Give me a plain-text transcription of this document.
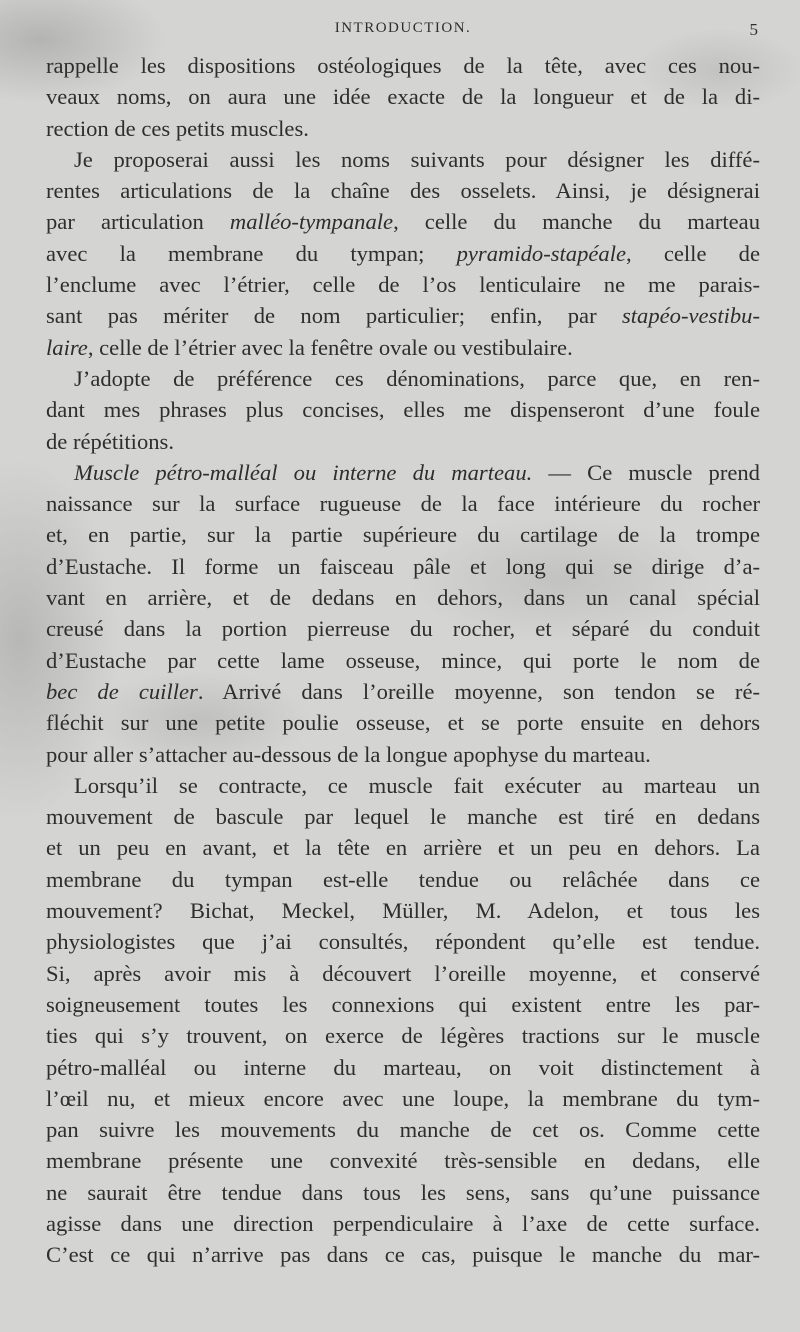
INTRODUCTION.	5
rappelle les dispositions ostéologiques de la tête, avec ces nou-
veaux noms, on aura une idée exacte de la longueur et de la di-
rection de ces petits muscles.
Je proposerai aussi les noms suivants pour désigner les diffé-
rentes articulations de la chaîne des osselets. Ainsi, je désignerai
par articulation malléo-tympanale, celle du manche du marteau
avec la membrane du tympan; pyramido-stapéale, celle de
l’enclume avec l’étrier, celle de l’os lenticulaire ne me parais-
sant pas mériter de nom particulier; enfin, par stapéo-vestibu-
laire, celle de l’étrier avec la fenêtre ovale ou vestibulaire.
J’adopte de préférence ces dénominations, parce que, en ren-
dant mes phrases plus concises, elles me dispenseront d’une foule
de répétitions.
Muscle pétro-malléal ou interne du marteau. — Ce muscle prend
naissance sur la surface rugueuse de la face intérieure du rocher
et, en partie, sur la partie supérieure du cartilage de la trompe
d’Eustache. Il forme un faisceau pâle et long qui se dirige d’a-
vant en arrière, et de dedans en dehors, dans un canal spécial
creusé dans la portion pierreuse du rocher, et séparé du conduit
d’Eustache par cette lame osseuse, mince, qui porte le nom de
bec de cuiller. Arrivé dans l’oreille moyenne, son tendon se ré-
fléchit sur une petite poulie osseuse, et se porte ensuite en dehors
pour aller s’attacher au-dessous de la longue apophyse du marteau.
Lorsqu’il se contracte, ce muscle fait exécuter au marteau un
mouvement de bascule par lequel le manche est tiré en dedans
et un peu en avant, et la tête en arrière et un peu en dehors. La
membrane du tympan est-elle tendue ou relâchée dans ce
mouvement? Bichat, Meckel, Müller, M. Adelon, et tous les
physiologistes que j’ai consultés, répondent qu’elle est tendue.
Si, après avoir mis à découvert l’oreille moyenne, et conservé
soigneusement toutes les connexions qui existent entre les par-
ties qui s’y trouvent, on exerce de légères tractions sur le muscle
pétro-malléal ou interne du marteau, on voit distinctement à
l’œil nu, et mieux encore avec une loupe, la membrane du tym-
pan suivre les mouvements du manche de cet os. Comme cette
membrane présente une convexité très-sensible en dedans, elle
ne saurait être tendue dans tous les sens, sans qu’une puissance
agisse dans une direction perpendiculaire à l’axe de cette surface.
C’est ce qui n’arrive pas dans ce cas, puisque le manche du mar-
